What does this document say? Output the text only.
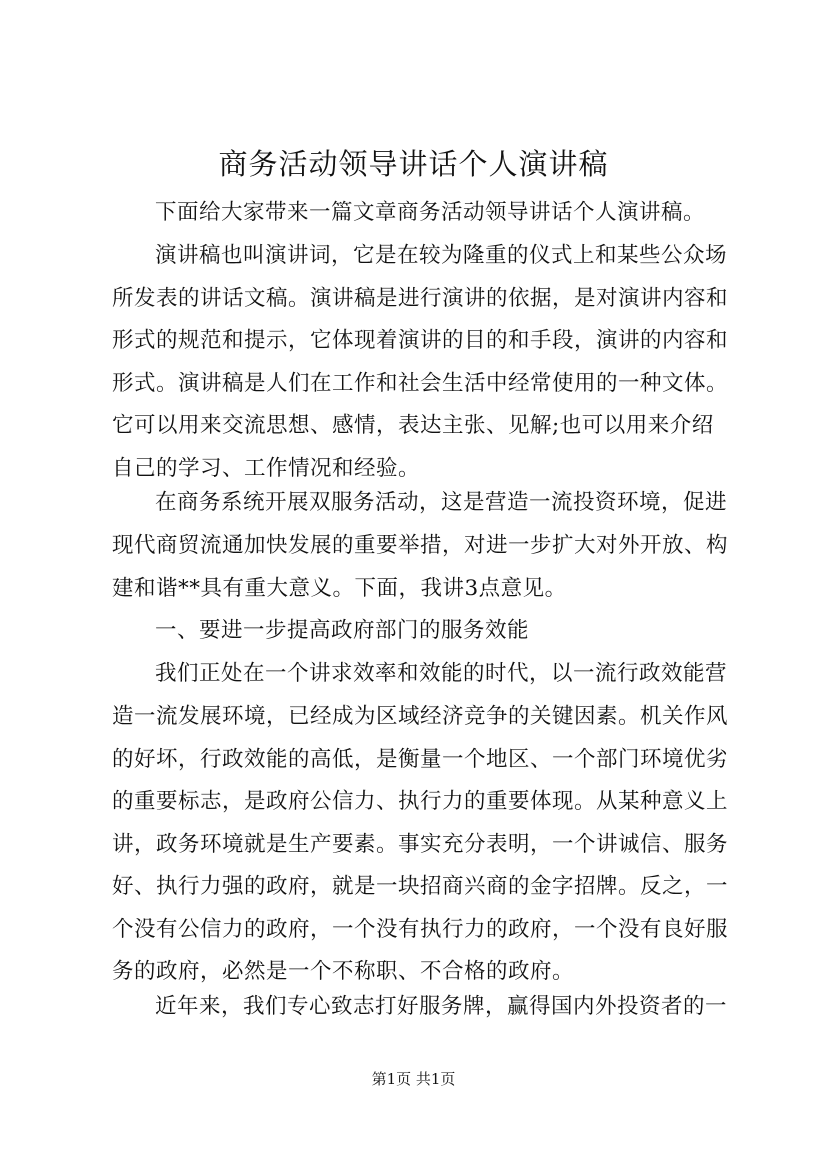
商务活动领导讲话个人演讲稿
下面给大家带来一篇文章商务活动领导讲话个人演讲稿。
演讲稿也叫演讲词，它是在较为隆重的仪式上和某些公众场
所发表的讲话文稿。演讲稿是进行演讲的依据，是对演讲内容和
形式的规范和提示，它体现着演讲的目的和手段，演讲的内容和
形式。演讲稿是人们在工作和社会生活中经常使用的一种文体。
它可以用来交流思想、感情，表达主张、见解;也可以用来介绍
自己的学习、工作情况和经验。
在商务系统开展双服务活动，这是营造一流投资环境，促进
现代商贸流通加快发展的重要举措，对进一步扩大对外开放、构
建和谐**具有重大意义。下面，我讲3点意见。
一、要进一步提高政府部门的服务效能
我们正处在一个讲求效率和效能的时代，以一流行政效能营
造一流发展环境，已经成为区域经济竞争的关键因素。机关作风
的好坏，行政效能的高低，是衡量一个地区、一个部门环境优劣
的重要标志，是政府公信力、执行力的重要体现。从某种意义上
讲，政务环境就是生产要素。事实充分表明，一个讲诚信、服务
好、执行力强的政府，就是一块招商兴商的金字招牌。反之，一
个没有公信力的政府，一个没有执行力的政府，一个没有良好服
务的政府，必然是一个不称职、不合格的政府。
近年来，我们专心致志打好服务牌，赢得国内外投资者的一
第1页 共1页
